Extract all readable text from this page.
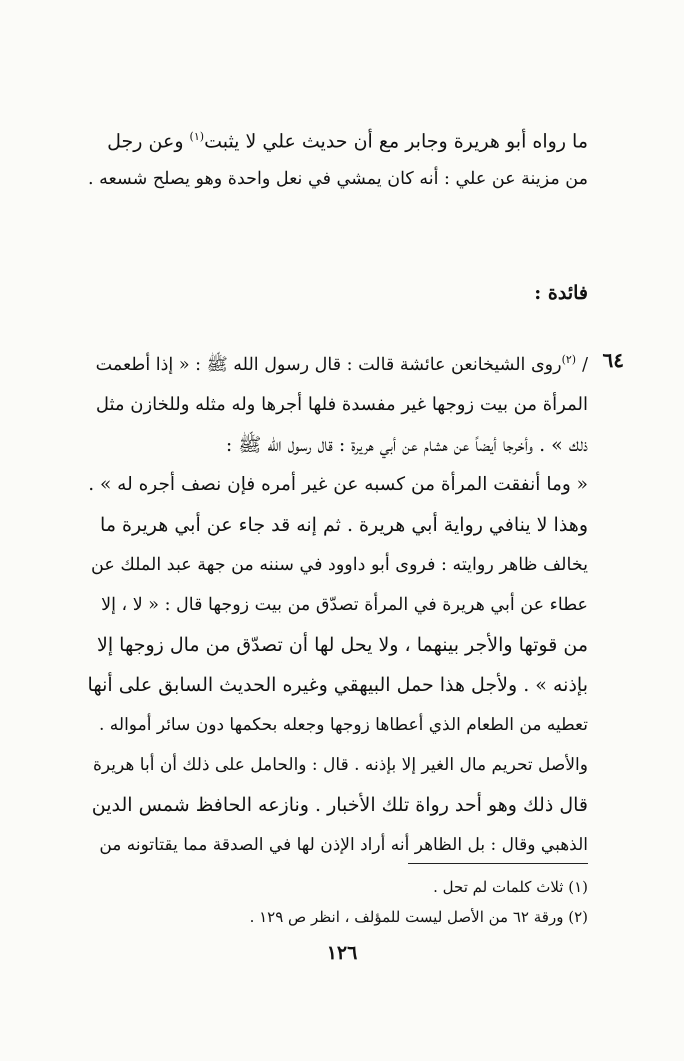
ما رواه أبو هريرة وجابر مع أن حديث علي لا يثبت$^{(١)}$ وعن رجل
من مزينة عن علي : أنه كان يمشي في نعل واحدة وهو يصلح شسعه .
فائدة :
٦٤
/$^{(٢)}$روى الشيخانعن عائشة قالت : قال رسول الله ﷺ : « إذا أطعمت
المرأة من بيت زوجها غير مفسدة فلها أجرها وله مثله وللخازن مثل
ذلك » . وأخرجا أيضاً عن هشام عن أبي هريرة : قال رسول الله ﷺ :
« وما أنفقت المرأة من كسبه عن غير أمره فإن نصف أجره له » .
وهذا لا ينافي رواية أبي هريرة . ثم إنه قد جاء عن أبي هريرة ما
يخالف ظاهر روايته : فروى أبو داوود في سننه من جهة عبد الملك عن
عطاء عن أبي هريرة في المرأة تصدّق من بيت زوجها قال : « لا ، إلا
من قوتها والأجر بينهما ، ولا يحل لها أن تصدّق من مال زوجها إلا
بإذنه » . ولأجل هذا حمل البيهقي وغيره الحديث السابق على أنها
تعطيه من الطعام الذي أعطاها زوجها وجعله بحكمها دون سائر أمواله .
والأصل تحريم مال الغير إلا بإذنه . قال : والحامل على ذلك أن أبا هريرة
قال ذلك وهو أحد رواة تلك الأخبار . ونازعه الحافظ شمس الدين
الذهبي وقال : بل الظاهر أنه أراد الإذن لها في الصدقة مما يقتاتونه من
(١) ثلاث كلمات لم تحل .
(٢) ورقة ٦٢ من الأصل ليست للمؤلف ، انظر ص ١٢٩ .
١٢٦
